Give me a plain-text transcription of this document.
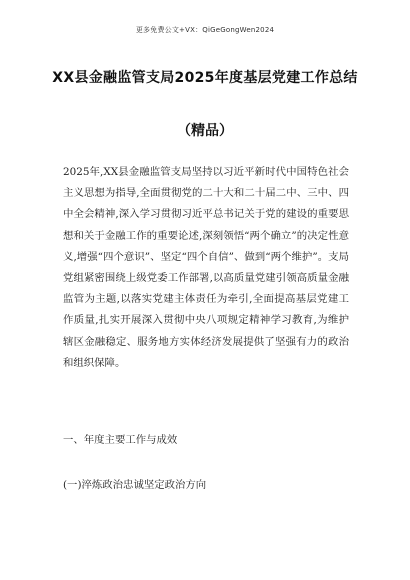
更多免费公文+VX：QiGeGongWen2024
XX县金融监管支局2025年度基层党建工作总结
（精品）
2025年,XX县金融监管支局坚持以习近平新时代中国特色社会主义思想为指导,全面贯彻党的二十大和二十届二中、三中、四中全会精神,深入学习贯彻习近平总书记关于党的建设的重要思想和关于金融工作的重要论述,深刻领悟“两个确立”的决定性意义,增强“四个意识”、坚定“四个自信”、做到“两个维护”。支局党组紧密围绕上级党委工作部署,以高质量党建引领高质量金融监管为主题,以落实党建主体责任为牵引,全面提高基层党建工作质量,扎实开展深入贯彻中央八项规定精神学习教育,为维护辖区金融稳定、服务地方实体经济发展提供了坚强有力的政治和组织保障。
一、年度主要工作与成效
(一)淬炼政治忠诚坚定政治方向
